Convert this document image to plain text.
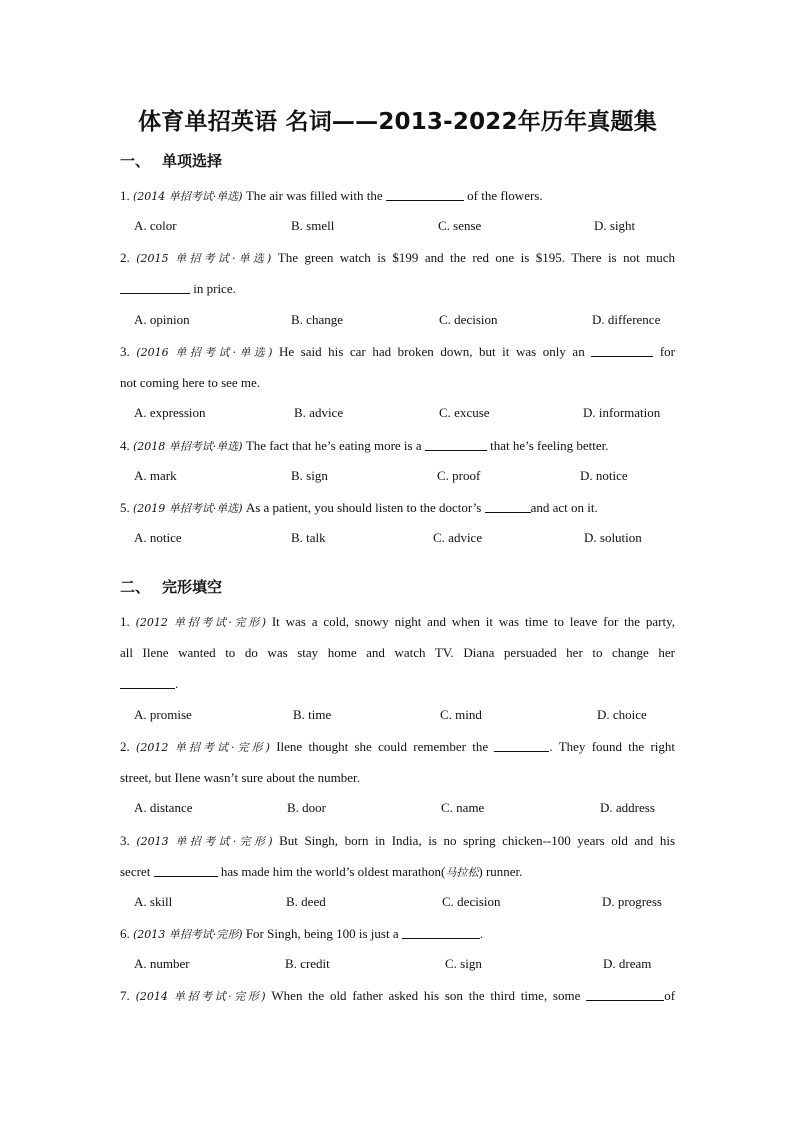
体育单招英语 名词——2013-2022年历年真题集
一、 单项选择
1. (2014 单招考试·单选) The air was filled with the	of the flowers.
A. color	B. smell	C. sense	D. sight
2. (2015 单招考试·单选) The green watch is $199 and the red one is $195. There is not much
in price.
A. opinion	B. change	C. decision	D. difference
3. (2016 单招考试·单选) He said his car had broken down, but it was only an	for
not coming here to see me.
A. expression	B. advice	C. excuse	D. information
4. (2018 单招考试·单选) The fact that he’s eating more is a	that he’s feeling better.
A. mark	B. sign	C. proof	D. notice
5. (2019 单招考试·单选) As a patient, you should listen to the doctor’s	and act on it.
A. notice	B. talk	C. advice	D. solution
二、 完形填空
1. (2012 单招考试·完形) It was a cold, snowy night and when it was time to leave for the party,
all Ilene wanted to do was stay home and watch TV. Diana persuaded her to change her
.
A. promise	B. time	C. mind	D. choice
2. (2012 单招考试·完形) Ilene thought she could remember the	. They found the right
street, but Ilene wasn’t sure about the number.
A. distance	B. door	C. name	D. address
3. (2013 单招考试·完形) But Singh, born in India, is no spring chicken--100 years old and his
secret	has made him the world’s oldest marathon(马拉松) runner.
A. skill	B. deed	C. decision	D. progress
6. (2013 单招考试·完形) For Singh, being 100 is just a	.
A. number	B. credit	C. sign	D. dream
7. (2014 单招考试·完形) When the old father asked his son the third time, some	of
